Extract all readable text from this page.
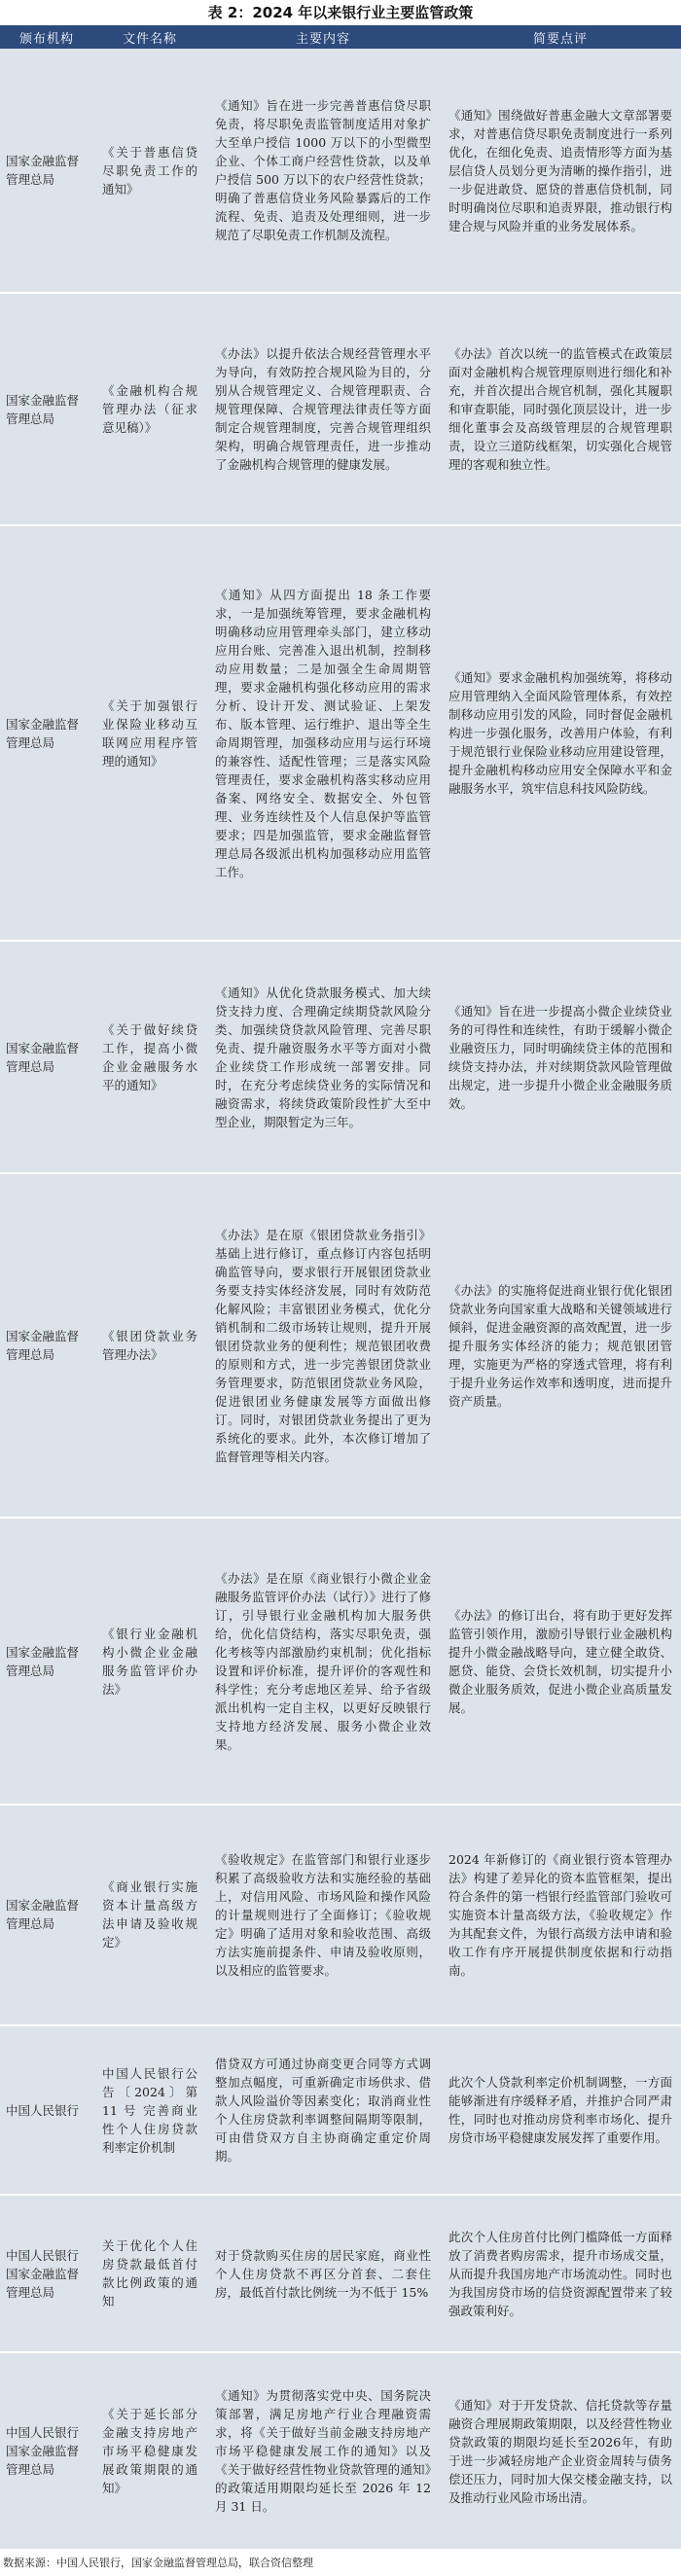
表 2：2024 年以来银行业主要监管政策
颁布机构	文件名称	主要内容	简要点评
国家金融监督管理总局	《关于普惠信贷尽职免责工作的通知》	《通知》旨在进一步完善普惠信贷尽职免责，将尽职免责监管制度适用对象扩大至单户授信 1000 万以下的小型微型企业、个体工商户经营性贷款，以及单户授信 500 万以下的农户经营性贷款；明确了普惠信贷业务风险暴露后的工作流程、免责、追责及处理细则，进一步规范了尽职免责工作机制及流程。	《通知》围绕做好普惠金融大文章部署要求，对普惠信贷尽职免责制度进行一系列优化，在细化免责、追责情形等方面为基层信贷人员划分更为清晰的操作指引，进一步促进敢贷、愿贷的普惠信贷机制，同时明确岗位尽职和追责界限，推动银行构建合规与风险并重的业务发展体系。
国家金融监督管理总局	《金融机构合规管理办法（征求意见稿）》	《办法》以提升依法合规经营管理水平为导向，有效防控合规风险为目的，分别从合规管理定义、合规管理职责、合规管理保障、合规管理法律责任等方面制定合规管理制度，完善合规管理组织架构，明确合规管理责任，进一步推动了金融机构合规管理的健康发展。	《办法》首次以统一的监管模式在政策层面对金融机构合规管理原则进行细化和补充，并首次提出合规官机制，强化其履职和审查职能，同时强化顶层设计，进一步细化董事会及高级管理层的合规管理职责，设立三道防线框架，切实强化合规管理的客观和独立性。
国家金融监督管理总局	《关于加强银行业保险业移动互联网应用程序管理的通知》	《通知》从四方面提出 18 条工作要求，一是加强统筹管理，要求金融机构明确移动应用管理牵头部门，建立移动应用台账、完善准入退出机制，控制移动应用数量；二是加强全生命周期管理，要求金融机构强化移动应用的需求分析、设计开发、测试验证、上架发布、版本管理、运行维护、退出等全生命周期管理，加强移动应用与运行环境的兼容性、适配性管理；三是落实风险管理责任，要求金融机构落实移动应用备案、网络安全、数据安全、外包管理、业务连续性及个人信息保护等监管要求；四是加强监管，要求金融监督管理总局各级派出机构加强移动应用监管工作。	《通知》要求金融机构加强统筹，将移动应用管理纳入全面风险管理体系，有效控制移动应用引发的风险，同时督促金融机构进一步强化服务，改善用户体验，有利于规范银行业保险业移动应用建设管理，提升金融机构移动应用安全保障水平和金融服务水平，筑牢信息科技风险防线。
国家金融监督管理总局	《关于做好续贷工作，提高小微企业金融服务水平的通知》	《通知》从优化贷款服务模式、加大续贷支持力度、合理确定续期贷款风险分类、加强续贷贷款风险管理、完善尽职免责、提升融资服务水平等方面对小微企业续贷工作形成统一部署安排。同时，在充分考虑续贷业务的实际情况和融资需求，将续贷政策阶段性扩大至中型企业，期限暂定为三年。	《通知》旨在进一步提高小微企业续贷业务的可得性和连续性，有助于缓解小微企业融资压力，同时明确续贷主体的范围和续贷支持办法，并对续期贷款风险管理做出规定，进一步提升小微企业金融服务质效。
国家金融监督管理总局	《银团贷款业务管理办法》	《办法》是在原《银团贷款业务指引》基础上进行修订，重点修订内容包括明确监管导向，要求银行开展银团贷款业务要支持实体经济发展，同时有效防范化解风险；丰富银团业务模式，优化分销机制和二级市场转让规则，提升开展银团贷款业务的便利性；规范银团收费的原则和方式，进一步完善银团贷款业务管理要求，防范银团贷款业务风险，促进银团业务健康发展等方面做出修订。同时，对银团贷款业务提出了更为系统化的要求。此外，本次修订增加了监督管理等相关内容。	《办法》的实施将促进商业银行优化银团贷款业务向国家重大战略和关键领域进行倾斜，促进金融资源的高效配置，进一步提升服务实体经济的能力；规范银团管理，实施更为严格的穿透式管理，将有利于提升业务运作效率和透明度，进而提升资产质量。
国家金融监督管理总局	《银行业金融机构小微企业金融服务监管评价办法》	《办法》是在原《商业银行小微企业金融服务监管评价办法（试行）》进行了修订，引导银行业金融机构加大服务供给，优化信贷结构，落实尽职免责，强化考核等内部激励约束机制；优化指标设置和评价标准，提升评价的客观性和科学性；充分考虑地区差异、给予省级派出机构一定自主权，以更好反映银行支持地方经济发展、服务小微企业效果。	《办法》的修订出台，将有助于更好发挥监管引领作用，激励引导银行业金融机构提升小微金融战略导向，建立健全敢贷、愿贷、能贷、会贷长效机制，切实提升小微企业服务质效，促进小微企业高质量发展。
国家金融监督管理总局	《商业银行实施资本计量高级方法申请及验收规定》	《验收规定》在监管部门和银行业逐步积累了高级验收方法和实施经验的基础上，对信用风险、市场风险和操作风险的计量规则进行了全面修订；《验收规定》明确了适用对象和验收范围、高级方法实施前提条件、申请及验收原则，以及相应的监管要求。	2024 年新修订的《商业银行资本管理办法》构建了差异化的资本监管框架，提出符合条件的第一档银行经监管部门验收可实施资本计量高级方法，《验收规定》作为其配套文件，为银行高级方法申请和验收工作有序开展提供制度依据和行动指南。
中国人民银行	中国人民银行公告〔2024〕第 11 号 完善商业性个人住房贷款利率定价机制	借贷双方可通过协商变更合同等方式调整加点幅度，可重新确定市场供求、借款人风险溢价等因素变化；取消商业性个人住房贷款利率调整间隔期等限制，可由借贷双方自主协商确定重定价周期。	此次个人贷款利率定价机制调整，一方面能够渐进有序缓释矛盾，并推护合同严肃性，同时也对推动房贷利率市场化、提升房贷市场平稳健康发展发挥了重要作用。
中国人民银行 国家金融监督管理总局	关于优化个人住房贷款最低首付款比例政策的通知	对于贷款购买住房的居民家庭，商业性个人住房贷款不再区分首套、二套住房，最低首付款比例统一为不低于 15%	此次个人住房首付比例门槛降低一方面释放了消费者购房需求，提升市场成交量，从而提升我国房地产市场流动性。同时也为我国房贷市场的信贷资源配置带来了较强政策利好。
中国人民银行 国家金融监督管理总局	《关于延长部分金融支持房地产市场平稳健康发展政策期限的通知》	《通知》为贯彻落实党中央、国务院决策部署，满足房地产行业合理融资需求，将《关于做好当前金融支持房地产市场平稳健康发展工作的通知》以及《关于做好经营性物业贷款管理的通知》的政策适用期限均延长至 2026 年 12 月 31 日。	《通知》对于开发贷款、信托贷款等存量融资合理展期政策期限，以及经营性物业贷款政策的期限均延长至2026年，有助于进一步减轻房地产企业资金周转与债务偿还压力，同时加大保交楼金融支持，以及推动行业风险市场出清。
数据来源：中国人民银行，国家金融监督管理总局，联合资信整理
